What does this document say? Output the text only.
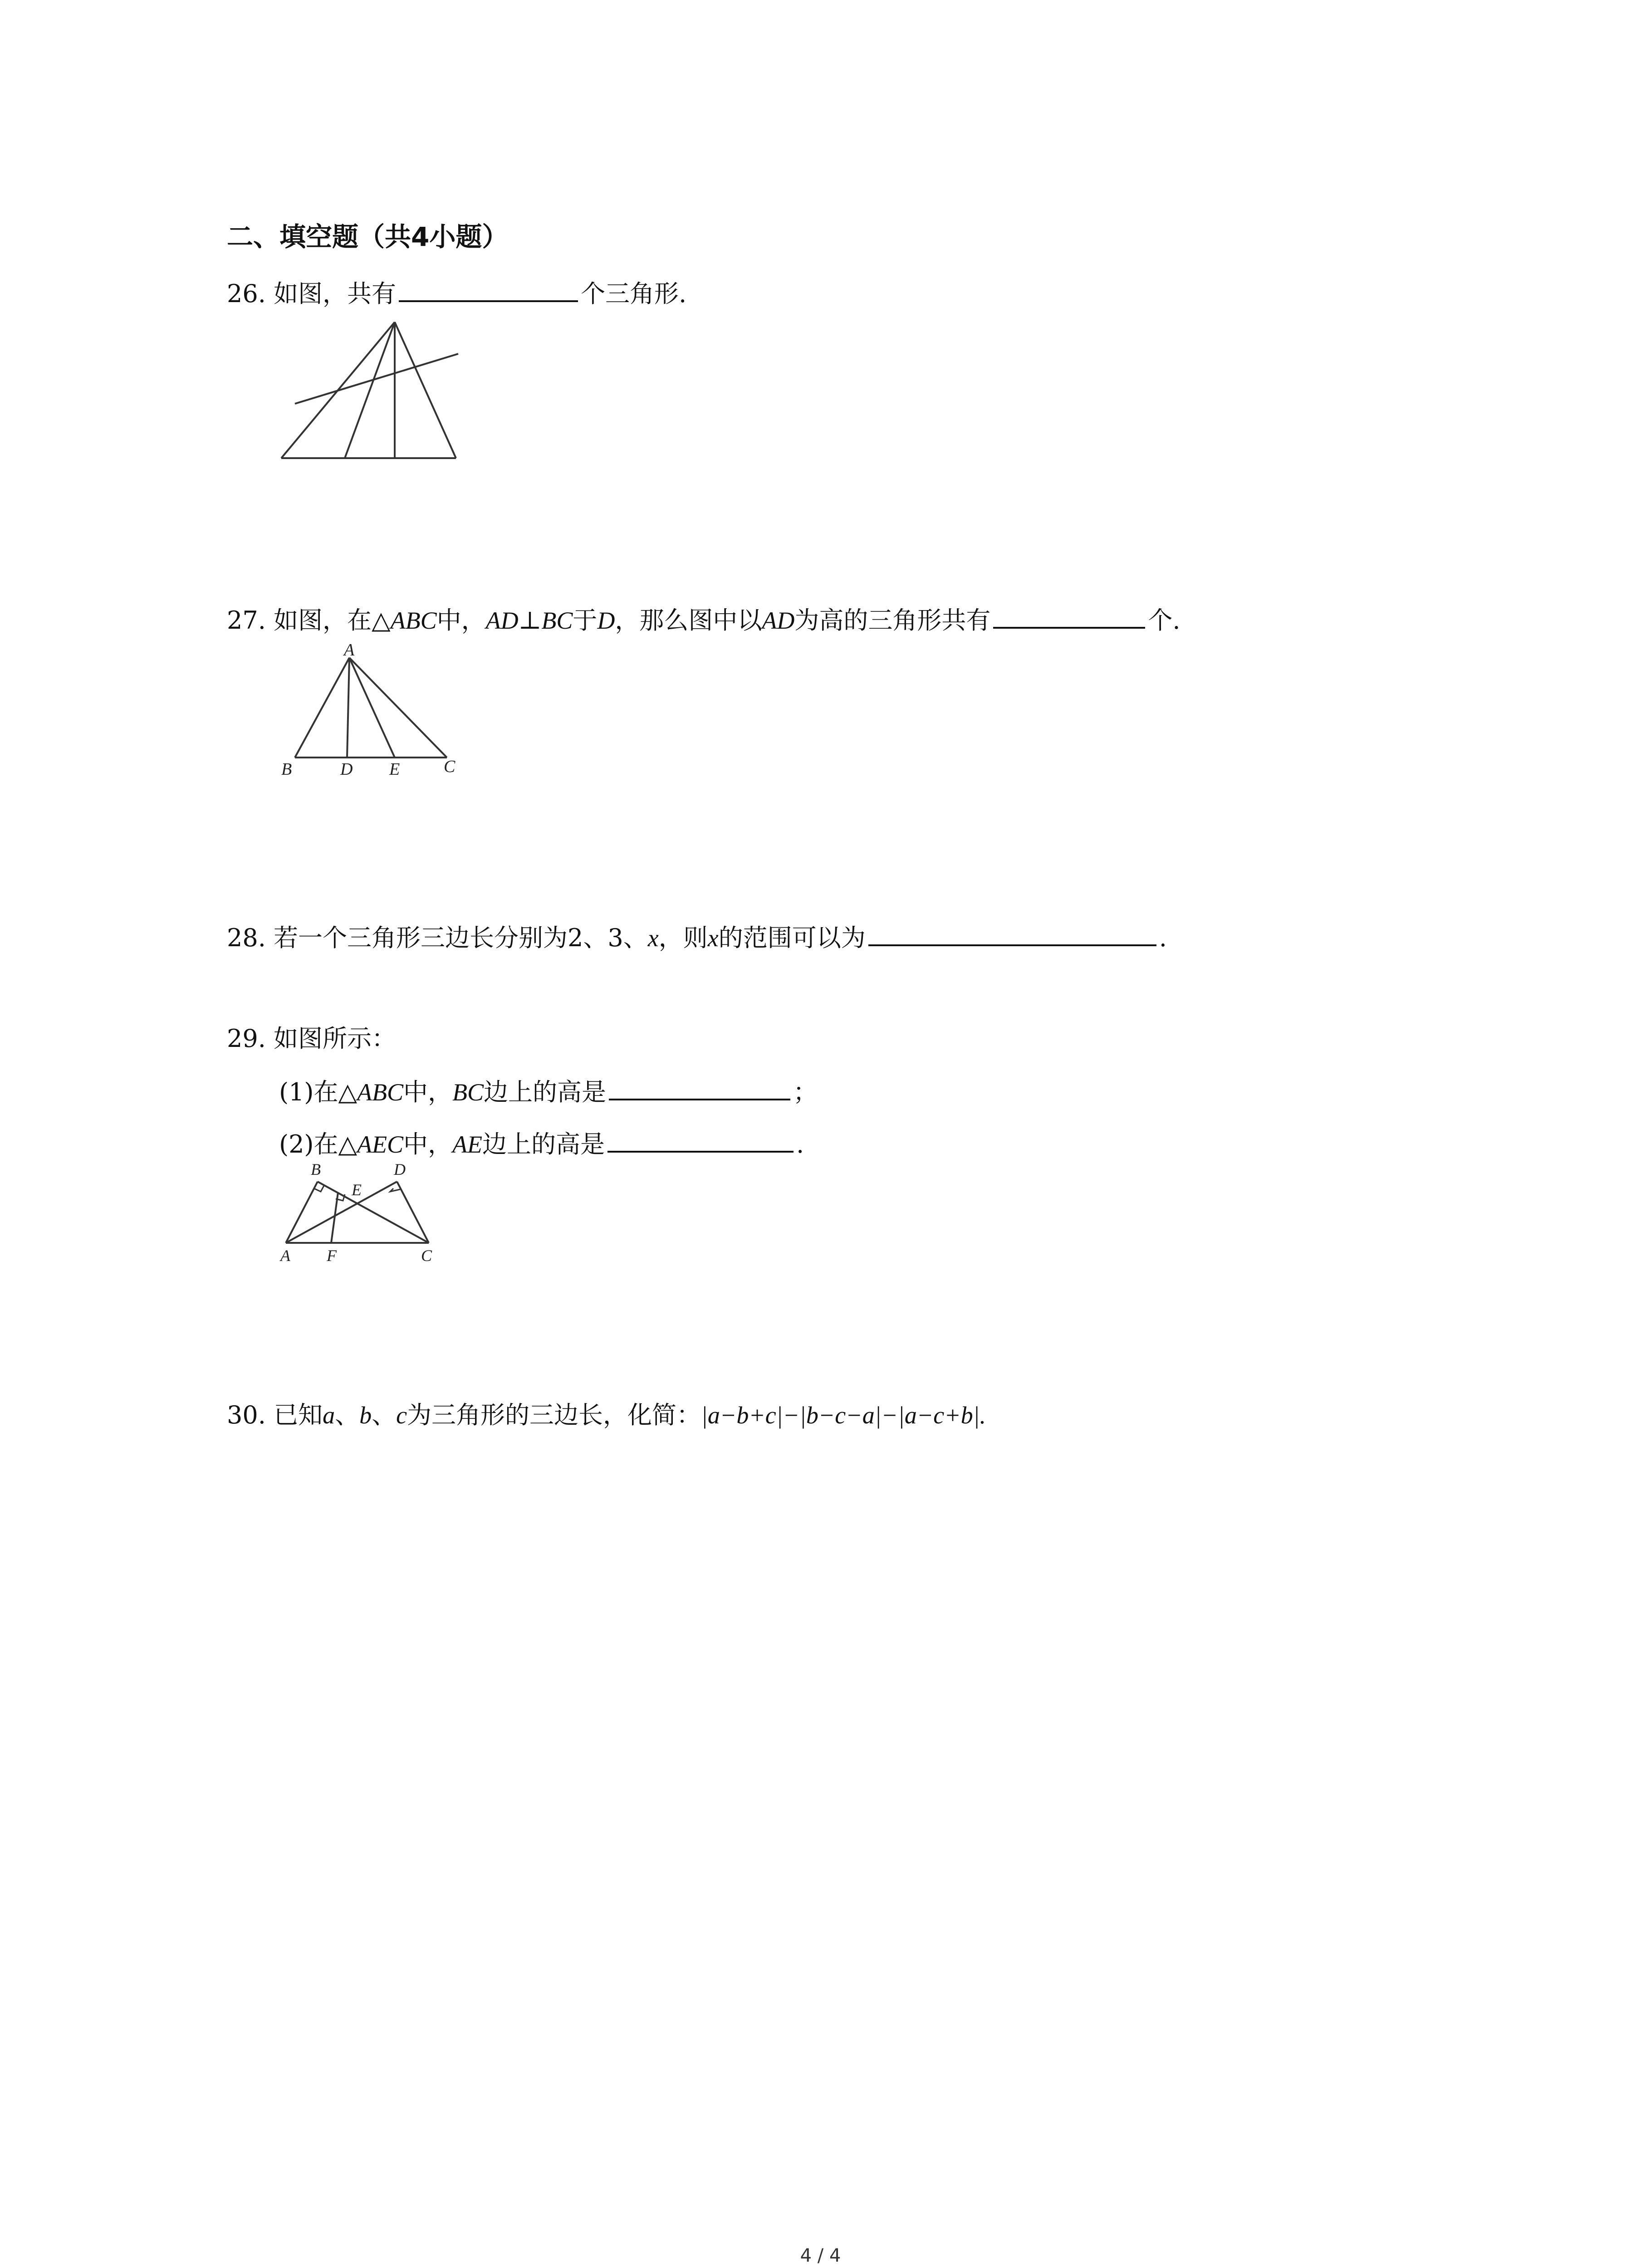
二、填空题（共4小题）
26. 如图，共有	个三角形.
27. 如图，在△ABC中，AD⊥BC于D，那么图中以AD为高的三角形共有	个.
A
B	D E	C
28. 若一个三角形三边长分别为2、3、x，则x的范围可以为	.
29. 如图所示：
(1)在△ABC中，BC边上的高是	；
(2)在△AEC中，AE边上的高是	.
B	D
E
A F	C
30. 已知a、b、c为三角形的三边长，化简：|a−b+c|−|b−c−a|−|a−c+b|.
4 / 4
